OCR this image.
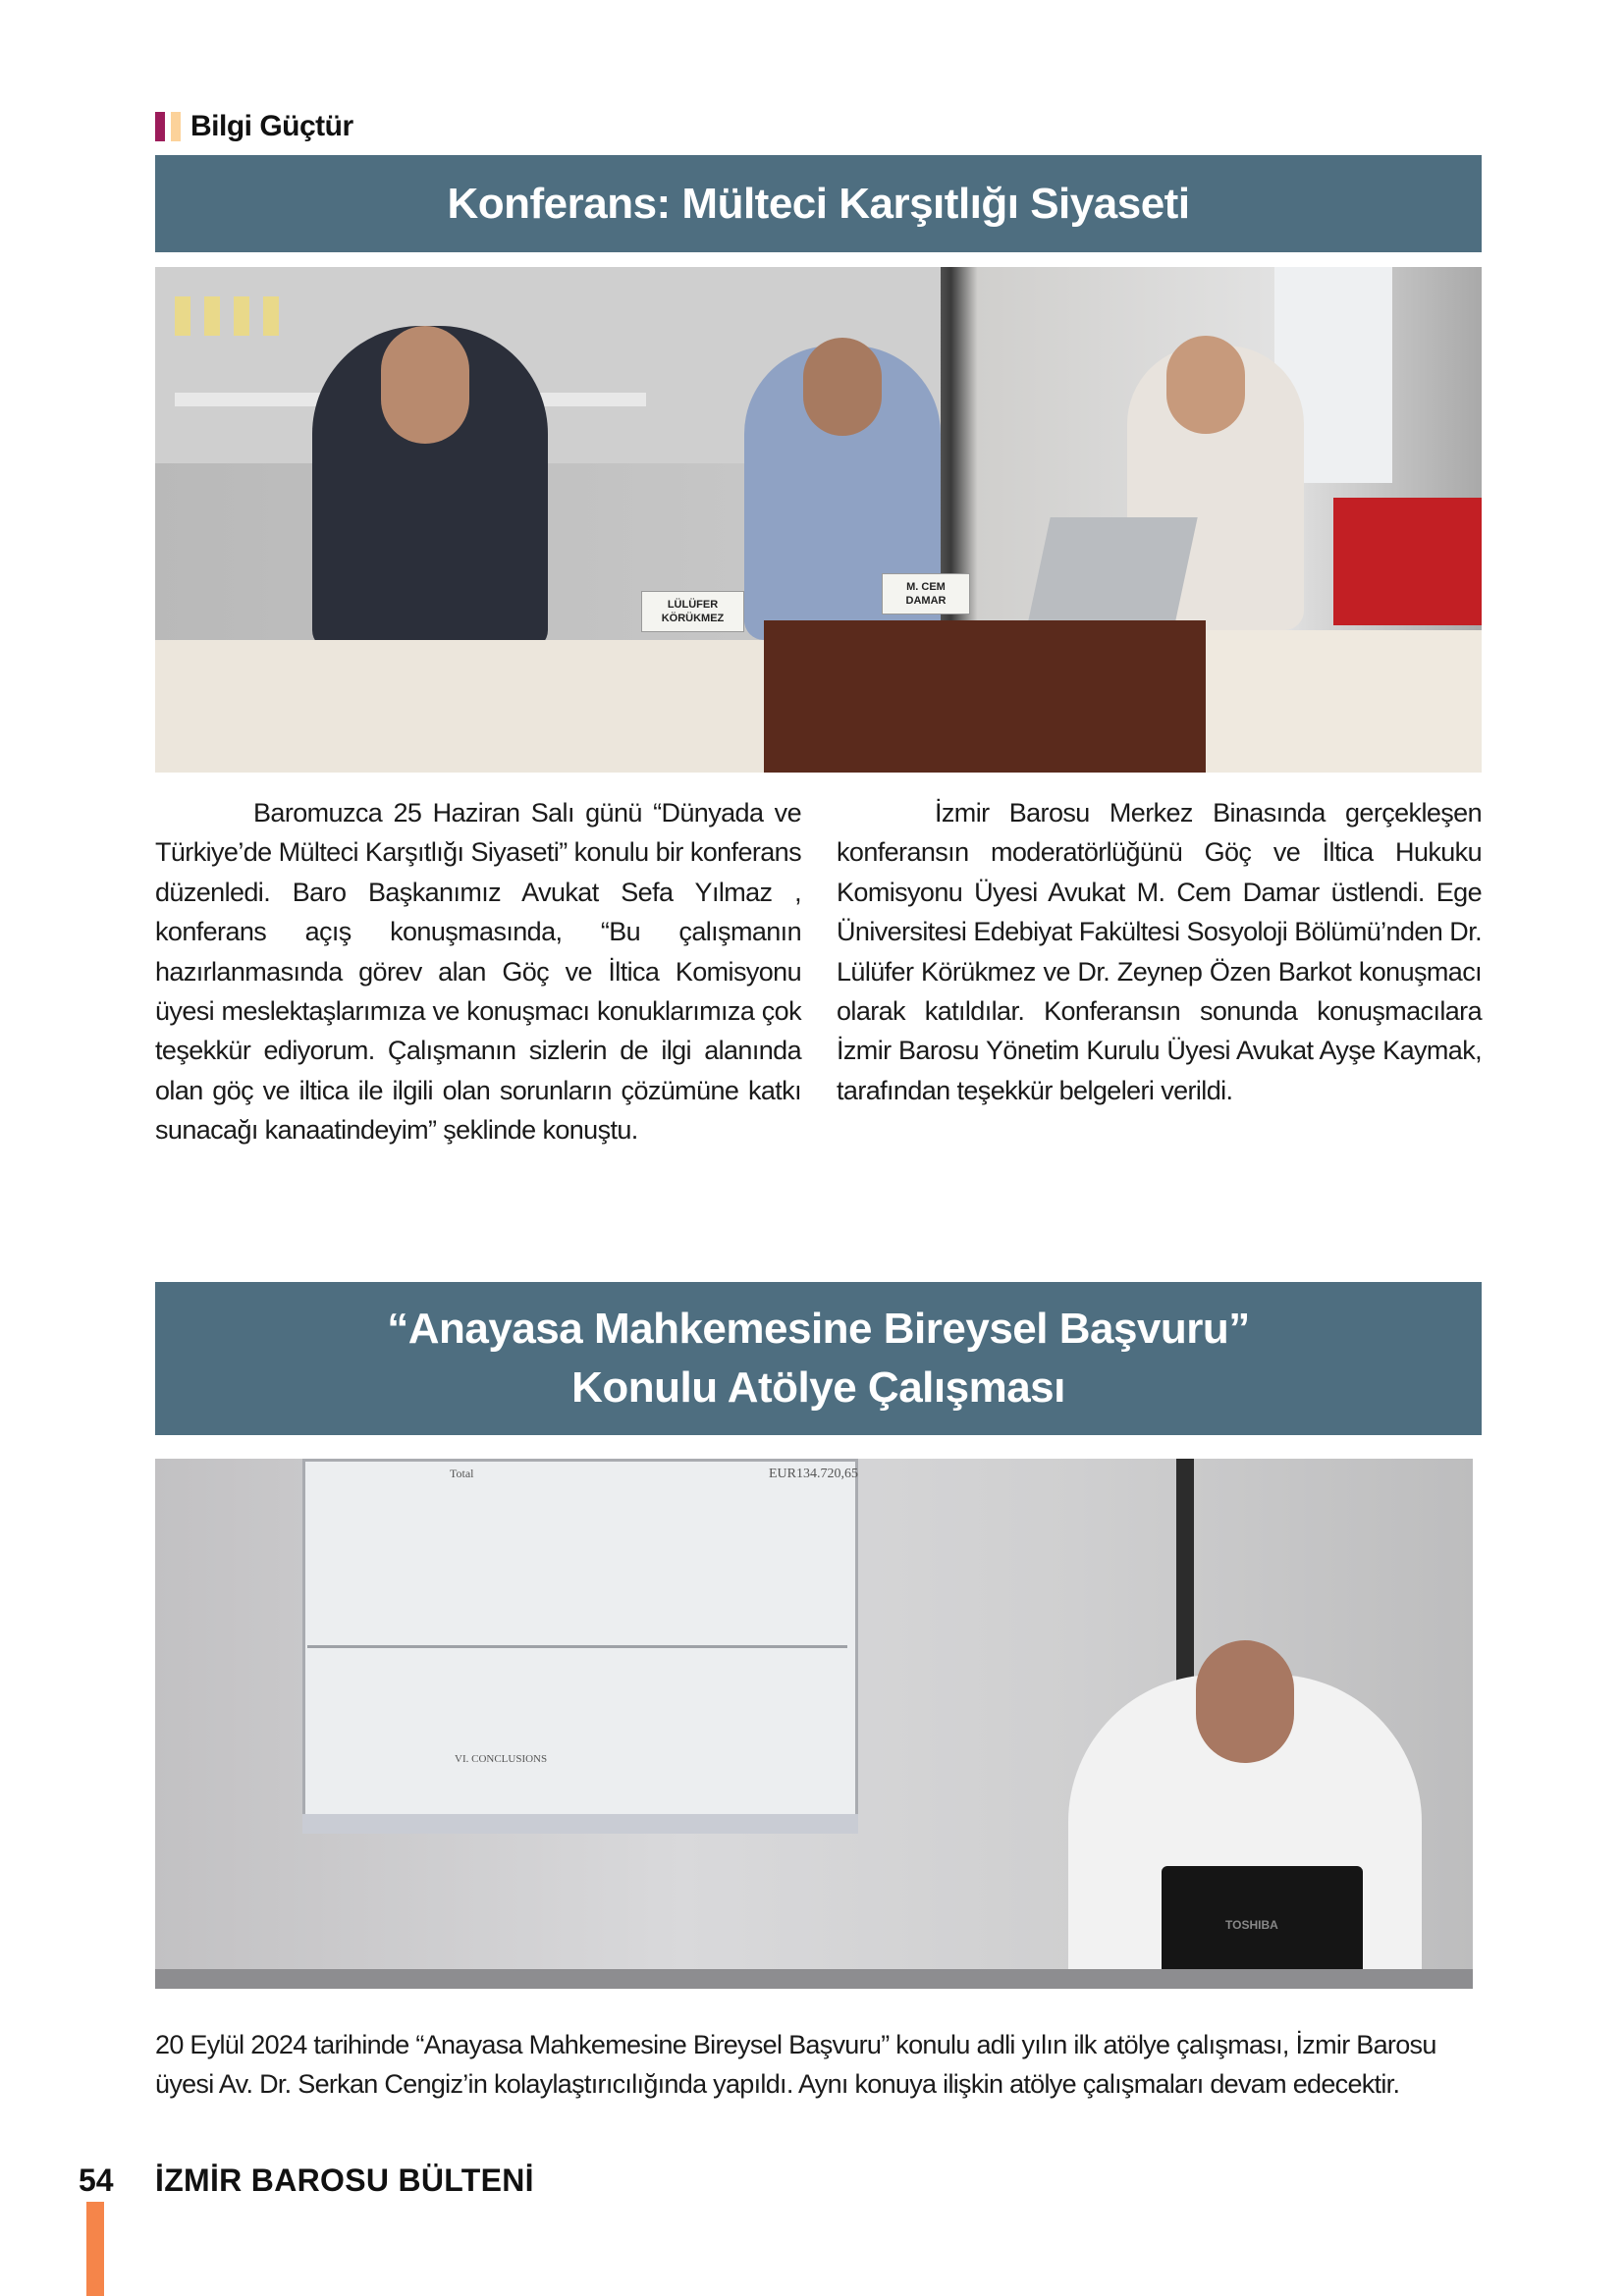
Bilgi Güçtür
Konferans: Mülteci Karşıtlığı Siyaseti
LÜLÜFER KÖRÜKMEZ
M. CEM DAMAR

Baromuzca 25 Haziran Salı günü “Dünyada ve Türkiye’de Mülteci Karşıtlığı Siyaseti” konulu bir konferans düzenledi. Baro Başkanımız Avukat Sefa Yılmaz , konferans açış konuşmasında, “Bu çalışmanın hazırlanmasında görev alan Göç ve İltica Komisyonu üyesi meslektaşlarımıza ve konuşmacı konuklarımıza çok teşekkür ediyorum. Çalışmanın sizlerin de ilgi alanında olan göç ve iltica ile ilgili olan sorunların çözümüne katkı sunacağı kanaatindeyim” şeklinde konuştu.

İzmir Barosu Merkez Binasında gerçekleşen konferansın moderatörlüğünü Göç ve İltica Hukuku Komisyonu Üyesi Avukat M. Cem Damar üstlendi. Ege Üniversitesi Edebiyat Fakültesi Sosyoloji Bölümü’nden Dr. Lülüfer Körükmez ve Dr. Zeynep Özen Barkot konuşmacı olarak katıldılar. Konferansın sonunda konuşmacılara İzmir Barosu Yönetim Kurulu Üyesi Avukat Ayşe Kaymak, tarafından teşekkür belgeleri verildi.

“Anayasa Mahkemesine Bireysel Başvuru”
Konulu Atölye Çalışması
Total	EUR134.720,65
VI. CONCLUSIONS
TOSHIBA
20 Eylül 2024 tarihinde “Anayasa Mahkemesine Bireysel Başvuru” konulu adli yılın ilk atölye çalışması, İzmir Barosu üyesi Av. Dr. Serkan Cengiz’in kolaylaştırıcılığında yapıldı. Aynı konuya ilişkin atölye çalışmaları devam edecektir.
54 İZMİR BAROSU BÜLTENİ
